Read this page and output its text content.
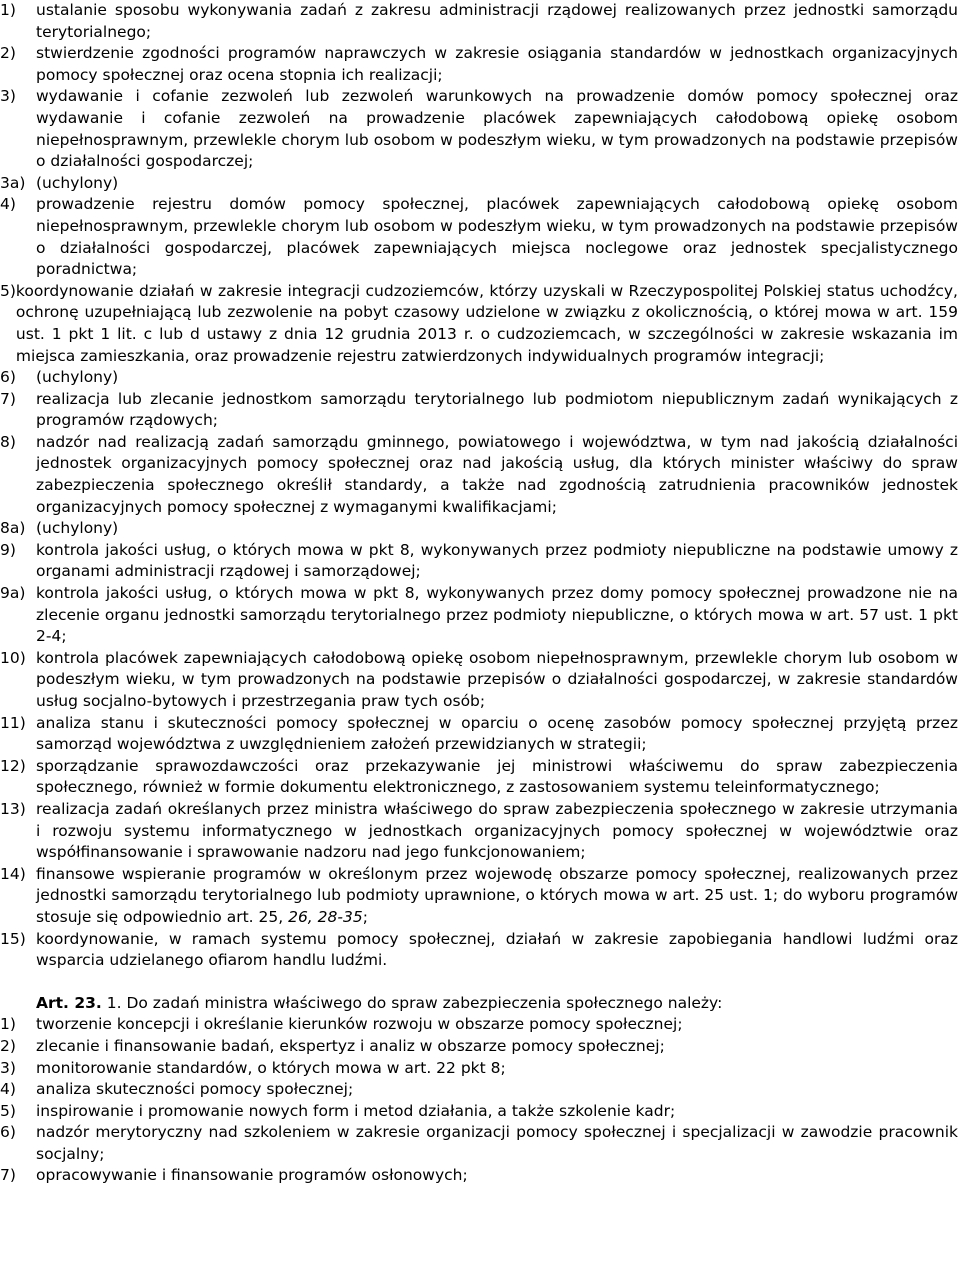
1)	ustalanie sposobu wykonywania zadań z zakresu administracji rządowej realizowanych przez jednostki samorządu terytorialnego;
2)	stwierdzenie zgodności programów naprawczych w zakresie osiągania standardów w jednostkach organizacyjnych pomocy społecznej oraz ocena stopnia ich realizacji;
3)	wydawanie i cofanie zezwoleń lub zezwoleń warunkowych na prowadzenie domów pomocy społecznej oraz wydawanie i cofanie zezwoleń na prowadzenie placówek zapewniających całodobową opiekę osobom niepełnosprawnym, przewlekle chorym lub osobom w podeszłym wieku, w tym prowadzonych na podstawie przepisów o działalności gospodarczej;
3a) (uchylony)
4)	prowadzenie rejestru domów pomocy społecznej, placówek zapewniających całodobową opiekę osobom niepełnosprawnym, przewlekle chorym lub osobom w podeszłym wieku, w tym prowadzonych na podstawie przepisów o działalności gospodarczej, placówek zapewniających miejsca noclegowe oraz jednostek specjalistycznego poradnictwa;
5) koordynowanie działań w zakresie integracji cudzoziemców, którzy uzyskali w Rzeczypospolitej Polskiej status uchodźcy, ochronę uzupełniającą lub zezwolenie na pobyt czasowy udzielone w związku z okolicznością, o której mowa w art. 159 ust. 1 pkt 1 lit. c lub d ustawy z dnia 12 grudnia 2013 r. o cudzoziemcach, w szczególności w zakresie wskazania im miejsca zamieszkania, oraz prowadzenie rejestru zatwierdzonych indywidualnych programów integracji;
6)	(uchylony)
7)	realizacja lub zlecanie jednostkom samorządu terytorialnego lub podmiotom niepublicznym zadań wynikających z programów rządowych;
8)	nadzór nad realizacją zadań samorządu gminnego, powiatowego i województwa, w tym nad jakością działalności jednostek organizacyjnych pomocy społecznej oraz nad jakością usług, dla których minister właściwy do spraw zabezpieczenia społecznego określił standardy, a także nad zgodnością zatrudnienia pracowników jednostek organizacyjnych pomocy społecznej z wymaganymi kwalifikacjami;
8a) (uchylony)
9)	kontrola jakości usług, o których mowa w pkt 8, wykonywanych przez podmioty niepubliczne na podstawie umowy z organami administracji rządowej i samorządowej;
9a) kontrola jakości usług, o których mowa w pkt 8, wykonywanych przez domy pomocy społecznej prowadzone nie na zlecenie organu jednostki samorządu terytorialnego przez podmioty niepubliczne, o których mowa w art. 57 ust. 1 pkt 2-4;
10) kontrola placówek zapewniających całodobową opiekę osobom niepełnosprawnym, przewlekle chorym lub osobom w podeszłym wieku, w tym prowadzonych na podstawie przepisów o działalności gospodarczej, w zakresie standardów usług socjalno-bytowych i przestrzegania praw tych osób;
11) analiza stanu i skuteczności pomocy społecznej w oparciu o ocenę zasobów pomocy społecznej przyjętą przez samorząd województwa z uwzględnieniem założeń przewidzianych w strategii;
12) sporządzanie sprawozdawczości oraz przekazywanie jej ministrowi właściwemu do spraw zabezpieczenia społecznego, również w formie dokumentu elektronicznego, z zastosowaniem systemu teleinformatycznego;
13) realizacja zadań określanych przez ministra właściwego do spraw zabezpieczenia społecznego w zakresie utrzymania i rozwoju systemu informatycznego w jednostkach organizacyjnych pomocy społecznej w województwie oraz współfinansowanie i sprawowanie nadzoru nad jego funkcjonowaniem;
14) finansowe wspieranie programów w określonym przez wojewodę obszarze pomocy społecznej, realizowanych przez jednostki samorządu terytorialnego lub podmioty uprawnione, o których mowa w art. 25 ust. 1; do wyboru programów stosuje się odpowiednio art. 25, 26, 28-35;
15) koordynowanie, w ramach systemu pomocy społecznej, działań w zakresie zapobiegania handlowi ludźmi oraz wsparcia udzielanego ofiarom handlu ludźmi.
Art. 23. 1. Do zadań ministra właściwego do spraw zabezpieczenia społecznego należy:
1)	tworzenie koncepcji i określanie kierunków rozwoju w obszarze pomocy społecznej;
2)	zlecanie i finansowanie badań, ekspertyz i analiz w obszarze pomocy społecznej;
3)	monitorowanie standardów, o których mowa w art. 22 pkt 8;
4)	analiza skuteczności pomocy społecznej;
5)	inspirowanie i promowanie nowych form i metod działania, a także szkolenie kadr;
6)	nadzór merytoryczny nad szkoleniem w zakresie organizacji pomocy społecznej i specjalizacji w zawodzie pracownik socjalny;
7)	opracowywanie i finansowanie programów osłonowych;
